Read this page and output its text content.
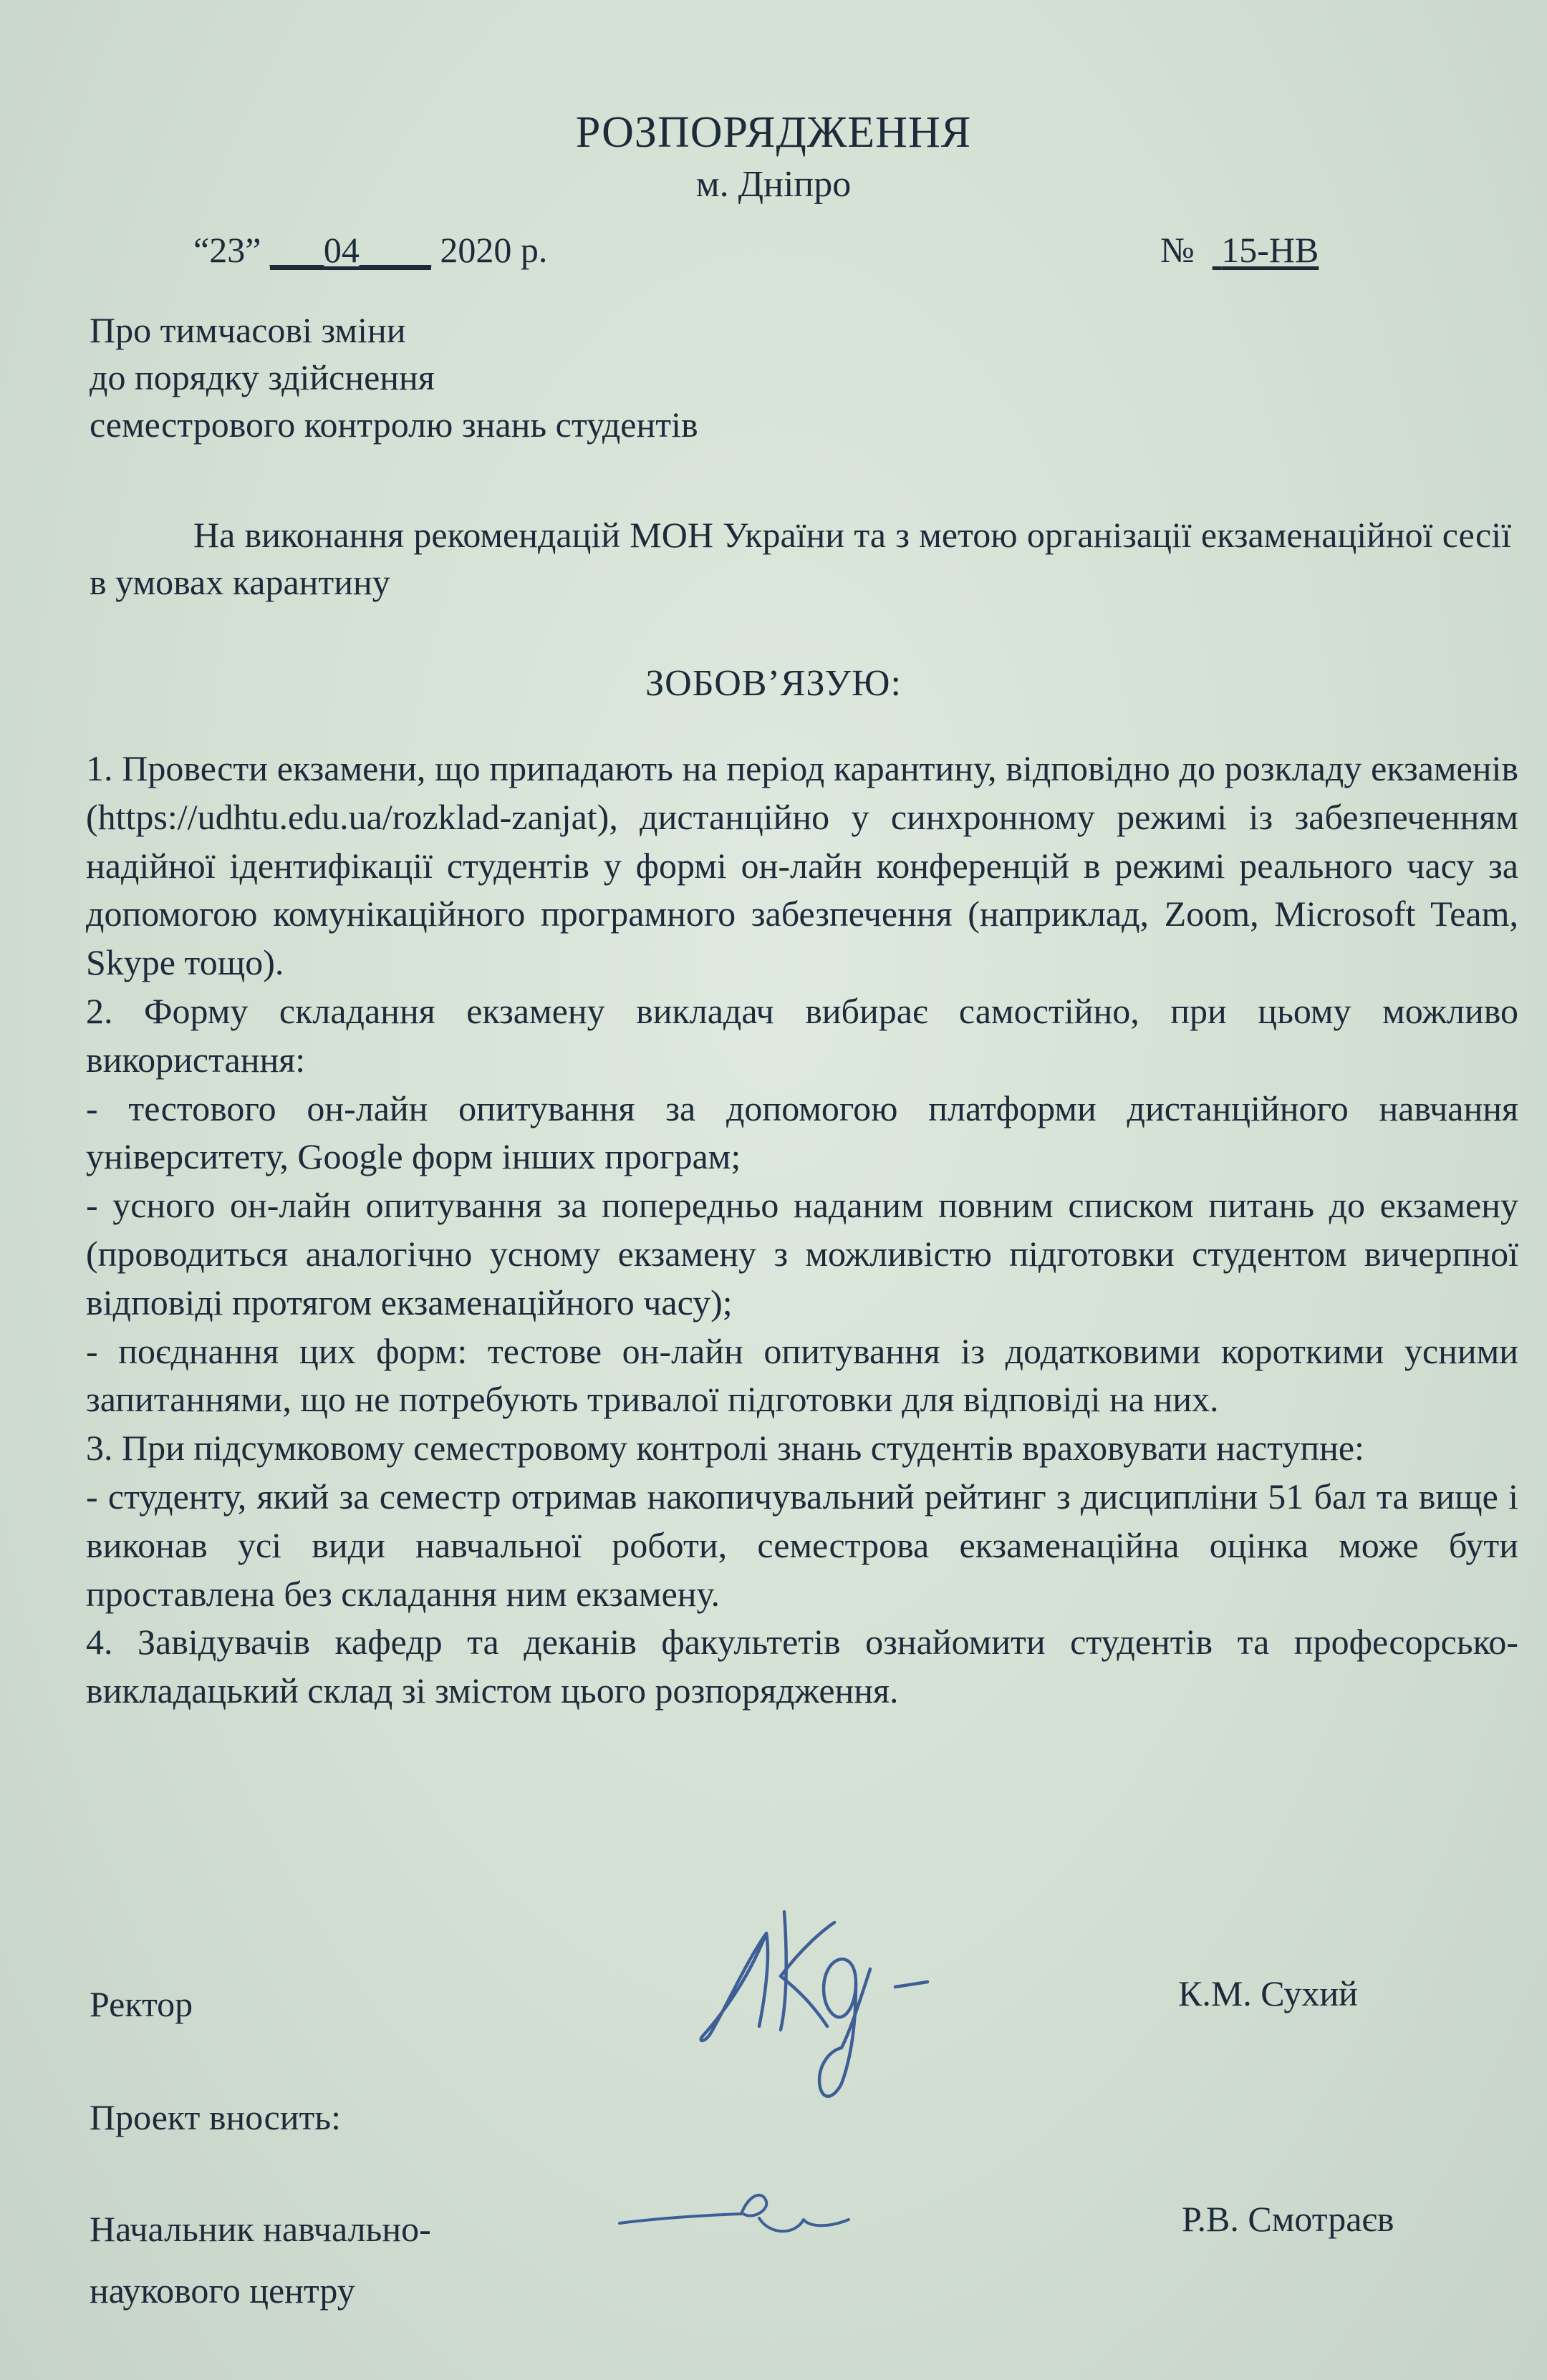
РОЗПОРЯДЖЕННЯ
м. Дніпро
“23” ___04____ 2020 р.	№ 15-НВ
Про тимчасові зміни
до порядку здійснення
семестрового контролю знань студентів
На виконання рекомендацій МОН України та з метою організації екзаменаційної сесії в умовах карантину
ЗОБОВ’ЯЗУЮ:

1. Провести екзамени, що припадають на період карантину, відповідно до розкладу екзаменів (https://udhtu.edu.ua/rozklad-zanjat), дистанційно у синхронному режимі із забезпеченням надійної ідентифікації студентів у формі он-лайн конференцій в режимі реального часу за допомогою комунікаційного програмного забезпечення (наприклад, Zoom, Microsoft Team, Skype тощо).

2. Форму складання екзамену викладач вибирає самостійно, при цьому можливо використання:

- тестового он-лайн опитування за допомогою платформи дистанційного навчання університету, Google форм інших програм;

- усного он-лайн опитування за попередньо наданим повним списком питань до екзамену (проводиться аналогічно усному екзамену з можливістю підготовки студентом вичерпної відповіді протягом екзаменаційного часу);

- поєднання цих форм: тестове он-лайн опитування із додатковими короткими усними запитаннями, що не потребують тривалої підготовки для відповіді на них.

3. При підсумковому семестровому контролі знань студентів враховувати наступне:

- студенту, який за семестр отримав накопичувальний рейтинг з дисципліни 51 бал та вище і виконав усі види навчальної роботи, семестрова екзаменаційна оцінка може бути проставлена без складання ним екзамену.

4. Завідувачів кафедр та деканів факультетів ознайомити студентів та професорсько-викладацький склад зі змістом цього розпорядження.

Ректор	К.М. Сухий
Проект вносить:
Начальник навчально-
наукового центру
Р.В. Смотраєв
